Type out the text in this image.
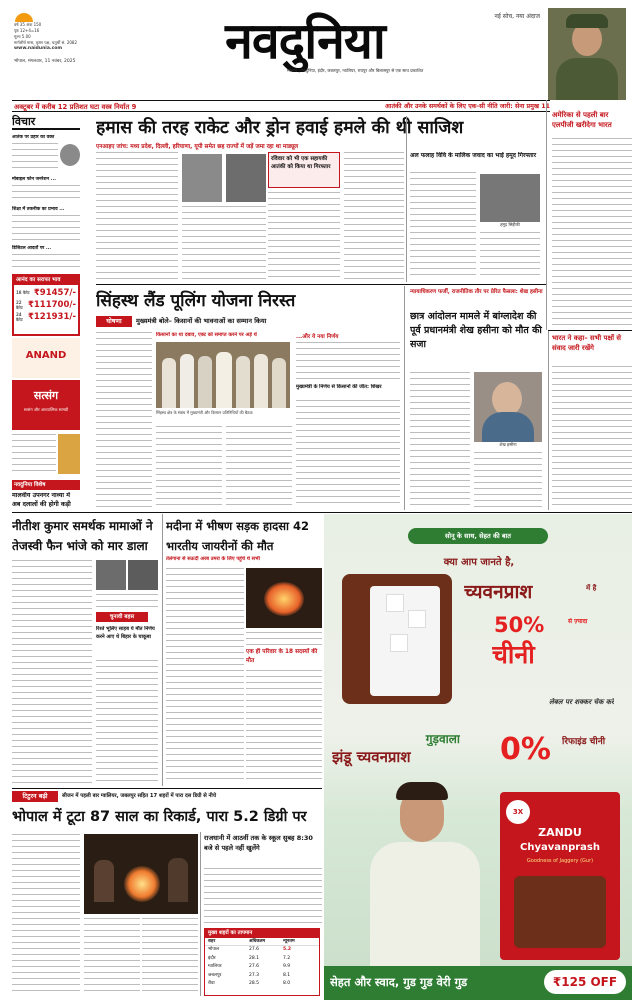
वर्ष 35 अंक 150
पृष्ठ 12+4=16
मूल्य 5.00
मार्गशीर्ष मास, कृष्ण पक्ष, चतुर्थी सं. 2082
www.naidunia.com
भोपाल, मंगलवार, 11 नवंबर, 2025	नवदुनिया	नई सोच, नया अंदाज
भोपाल | नवदुनिया, इंदौर, जबलपुर, ग्वालियर, रायपुर और बिलासपुर से एक साथ प्रकाशित
अक्टूबर में करीब 12 प्रतिशत घटा वस्त्र निर्यात 9	आतंकी और उनके समर्थकों के लिए एक-सी नीति जारी: सेना प्रमुख 11
विचार
आतंक पर प्रहार का वक्त
मोबाइल फोन जनरेशन ...
शिक्षा में तकनीक का प्रभाव ...
डिजिटल आदतों पर ...
आनंद का सराफा भाव
18 कैरेट ₹91457/-
22 कैरेट ₹111700/-
24 कैरेट ₹121931/-
ANAND
सत्संग
सत्संग और आध्यात्मिक सामग्री
नवदुनिया विशेष
मालवीय उपनगर नाव्या में अब दलालों की होगी कड़ी
हमास की तरह राकेट और ड्रोन हवाई हमले की थी साजिश
एनआइए जांच: मध्य प्रदेश, दिल्ली, हरियाणा, यूपी समेत छह राज्यों में जड़ें जमा रहा था माड्यूल
रविवार को भी एक सहायकी आतंकी को किया था गिरफ्तार
अल फलाह विवि के मालिक जवाद का भाई हमूद गिरफ्तार
हमूद सिद्दीकी
अमेरिका से पहली बार एलपीजी खरीदेगा भारत
सिंहस्थ लैंड पूलिंग योजना निरस्त
घोषणा	मुख्यमंत्री बोले– किसानों की भावनाओं का सम्मान किया
किसानों का था दबाव, एक्ट को समाप्त करने पर अड़े थे
सिंहस्थ क्षेत्र के संबंध में मुख्यमंत्री और किसान प्रतिनिधियों की बैठक
...और ये नया निर्णय
मुख्यमंत्री के निर्णय से किसानों की जीत: शिखर
न्यायाधिकरण फर्जी, राजनीतिक तौर पर प्रेरित फैसला: शेख हसीना
छात्र आंदोलन मामले में बांग्लादेश की पूर्व प्रधानमंत्री शेख हसीना को मौत की सजा
शेख हसीना
भारत ने कहा– सभी पक्षों से संवाद जारी रखेंगे
नीतीश कुमार समर्थक मामाओं ने तेजस्वी फैन भांजे को मार डाला
चुनावी बहस
रिश्ते भूलिए साहब ये मौत निर्णय करने आए थे बिहार के चाकूबा
मदीना में भीषण सड़क हादसा 42 भारतीय जायरीनों की मौत
तेलंगाना से सऊदी अरब उमरा के लिए पहुंचे थे सभी
एक ही परिवार के 18 सदस्यों की मौत
सोनू के साथ, सेहत की बात
क्या आप जानते है,
च्यवनप्राश	में है
50%	से ज़्यादा
चीनी
लेबल पर शक्कर चेक करें
गुड़वाला
झंडू च्यवनप्राश	0%	रिफाइंड चीनी
3X
ZANDU
Chyavanprash
Goodness of Jaggery (Gur)
सेहत और स्वाद, गुड गुड वेरी गुड	₹125 OFF
टिटुरन बढ़ी	सीजन में पहली बार ग्वालियर, जबलपुर सहित 17 शहरों में पारा दस डिग्री से नीचे
भोपाल में टूटा 87 साल का रिकार्ड, पारा 5.2 डिग्री पर
राजधानी में आठवीं तक के स्कूल सुबह 8:30 बजे से पहले नहीं खुलेंगे
मुख्य शहरों का तापमान
शहर	अधिकतम	न्यूनतम
भोपाल	27.6	5.2
इंदौर	28.1	7.2
ग्वालियर	27.6	9.9
जबलपुर	27.3	8.1
रीवा	28.5	8.0
